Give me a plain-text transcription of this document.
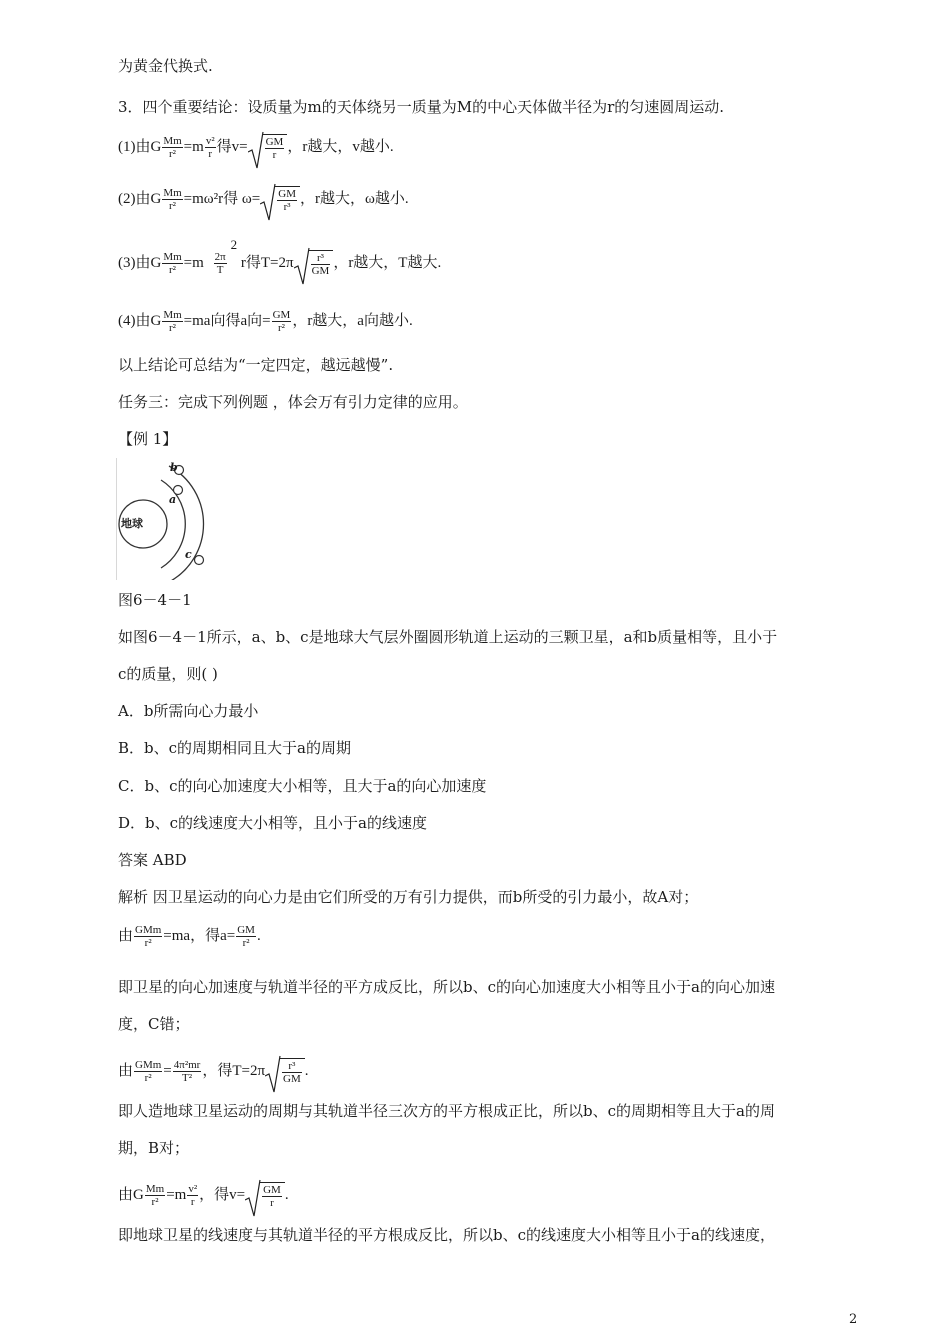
为黄金代换式.
3．四个重要结论：设质量为m的天体绕另一质量为M的中心天体做半径为r的匀速圆周运动.
(1)由G $\frac{Mm}{\text{r²}} =m \frac{\text{v²}}{r}$ 得$v= \frac{GM}{r}$ ，r越大，v越小.
(2)由G $\frac{Mm}{\text{r²}} =m\omega^2r$得 $\omega= \frac{GM}{\text{r³}}$ ，r越大，ω越小.
(3)由G $\frac{Mm}{\text{r²}} =m \frac{2\pi}{T}$
2 r得$T=2\pi \frac{\text{r³}}{GM}$ ，r越大，T越大.
(4)由G $\frac{Mm}{\text{r²}} =ma$向得a向= $\frac{GM}{\text{r²}}$ ，r越大，a向越小.
以上结论可总结为“一定四定，越远越慢”.
任务三：完成下列例题 ，体会万有引力定律的应用。
【例 1】
地球
b
a
c
图6－4－1
如图6－4－1所示，a、b、c是地球大气层外圈圆形轨道上运动的三颗卫星，a和b质量相等，且小于
c的质量，则( )
A．b所需向心力最小
B．b、c的周期相同且大于a的周期
C．b、c的向心加速度大小相等，且大于a的向心加速度
D．b、c的线速度大小相等，且小于a的线速度
答案 ABD
解析 因卫星运动的向心力是由它们所受的万有引力提供，而b所受的引力最小，故A对；
由 $\frac{\text{GMm}}{\text{r²}} =ma$，得$a= \frac{GM}{\text{r²}}$ .
即卫星的向心加速度与轨道半径的平方成反比，所以b、c的向心加速度大小相等且小于a的向心加速
度，C错；
由 $\frac{\text{GMm}}{\text{r²}} = \frac{\text{4π²mr}}{\text{T²}}$ ，得$T=2\pi \frac{\text{r³}}{GM}$ .
即人造地球卫星运动的周期与其轨道半径三次方的平方根成正比，所以b、c的周期相等且大于a的周
期，B对；
由G $\frac{Mm}{\text{r²}} =m \frac{\text{v²}}{r}$ ，得$v= \frac{GM}{r}$ .
即地球卫星的线速度与其轨道半径的平方根成反比，所以b、c的线速度大小相等且小于a的线速度，
2
